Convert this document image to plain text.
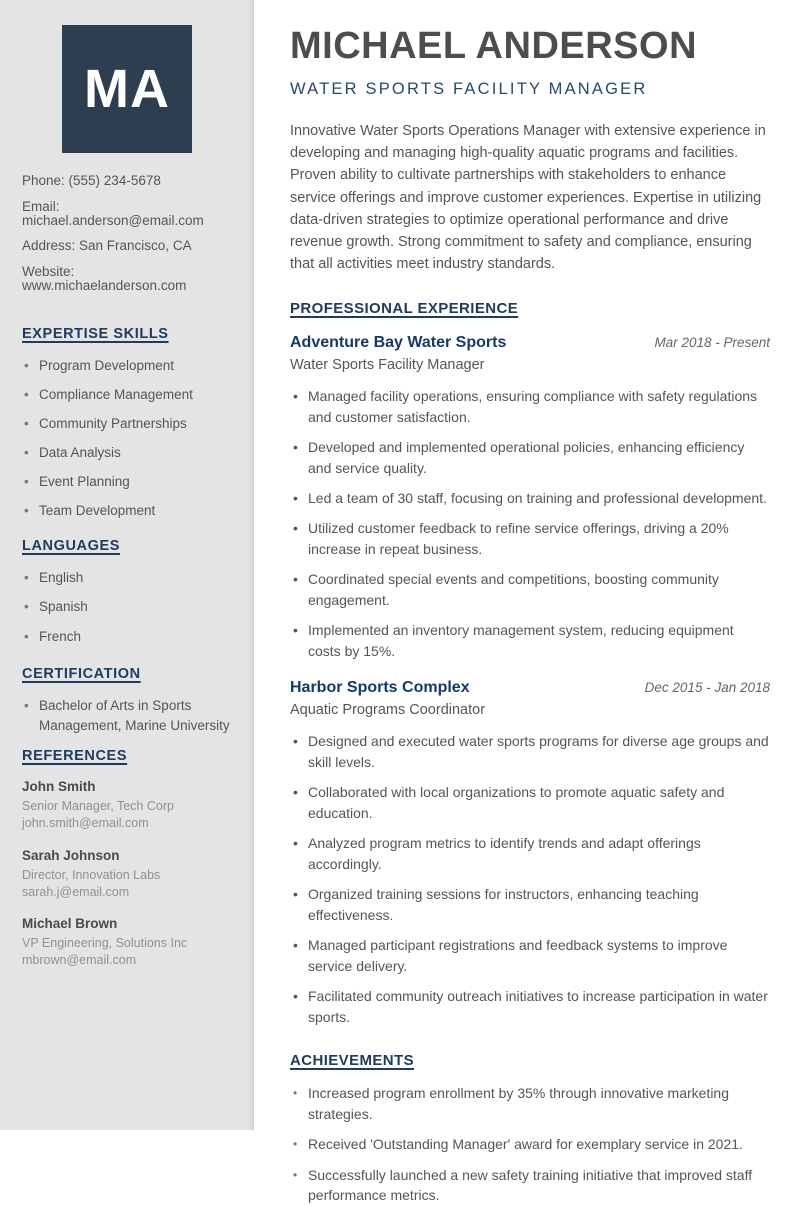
MA
Phone: (555) 234-5678
Email: michael.anderson@email.com
Address: San Francisco, CA
Website: www.michaelanderson.com
EXPERTISE SKILLS
• Program Development
• Compliance Management
• Community Partnerships
• Data Analysis
• Event Planning
• Team Development
LANGUAGES
• English
• Spanish
• French
CERTIFICATION
• Bachelor of Arts in Sports Management, Marine University
REFERENCES
John Smith
Senior Manager, Tech Corp
john.smith@email.com
Sarah Johnson
Director, Innovation Labs
sarah.j@email.com
Michael Brown
VP Engineering, Solutions Inc
mbrown@email.com
MICHAEL ANDERSON
WATER SPORTS FACILITY MANAGER

Innovative Water Sports Operations Manager with extensive experience in developing and managing high-quality aquatic programs and facilities. Proven ability to cultivate partnerships with stakeholders to enhance service offerings and improve customer experiences. Expertise in utilizing data-driven strategies to optimize operational performance and drive revenue growth. Strong commitment to safety and compliance, ensuring that all activities meet industry standards.

PROFESSIONAL EXPERIENCE
Adventure Bay Water Sports	Mar 2018 - Present
Water Sports Facility Manager
• Managed facility operations, ensuring compliance with safety regulations and customer satisfaction.
• Developed and implemented operational policies, enhancing efficiency and service quality.
• Led a team of 30 staff, focusing on training and professional development.
• Utilized customer feedback to refine service offerings, driving a 20% increase in repeat business.
• Coordinated special events and competitions, boosting community engagement.
• Implemented an inventory management system, reducing equipment costs by 15%.
Harbor Sports Complex	Dec 2015 - Jan 2018
Aquatic Programs Coordinator
• Designed and executed water sports programs for diverse age groups and skill levels.
• Collaborated with local organizations to promote aquatic safety and education.
• Analyzed program metrics to identify trends and adapt offerings accordingly.
• Organized training sessions for instructors, enhancing teaching effectiveness.
• Managed participant registrations and feedback systems to improve service delivery.
• Facilitated community outreach initiatives to increase participation in water sports.
ACHIEVEMENTS
• Increased program enrollment by 35% through innovative marketing strategies.
• Received 'Outstanding Manager' award for exemplary service in 2021.
• Successfully launched a new safety training initiative that improved staff performance metrics.
